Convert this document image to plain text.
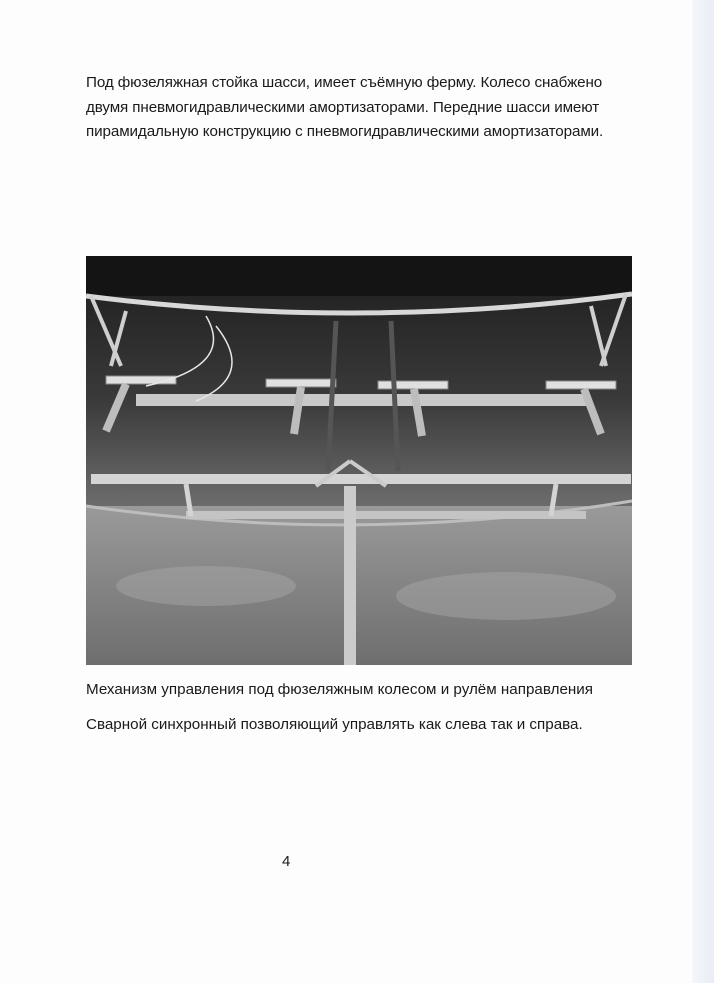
Под фюзеляжная стойка шасси, имеет съёмную ферму. Колесо снабжено двумя пневмогидравлическими амортизаторами. Передние шасси имеют пирамидальную конструкцию с пневмогидравлическими амортизаторами.

Механизм управления под фюзеляжным колесом и рулём направления

Сварной синхронный позволяющий управлять как слева так и справа.

4
